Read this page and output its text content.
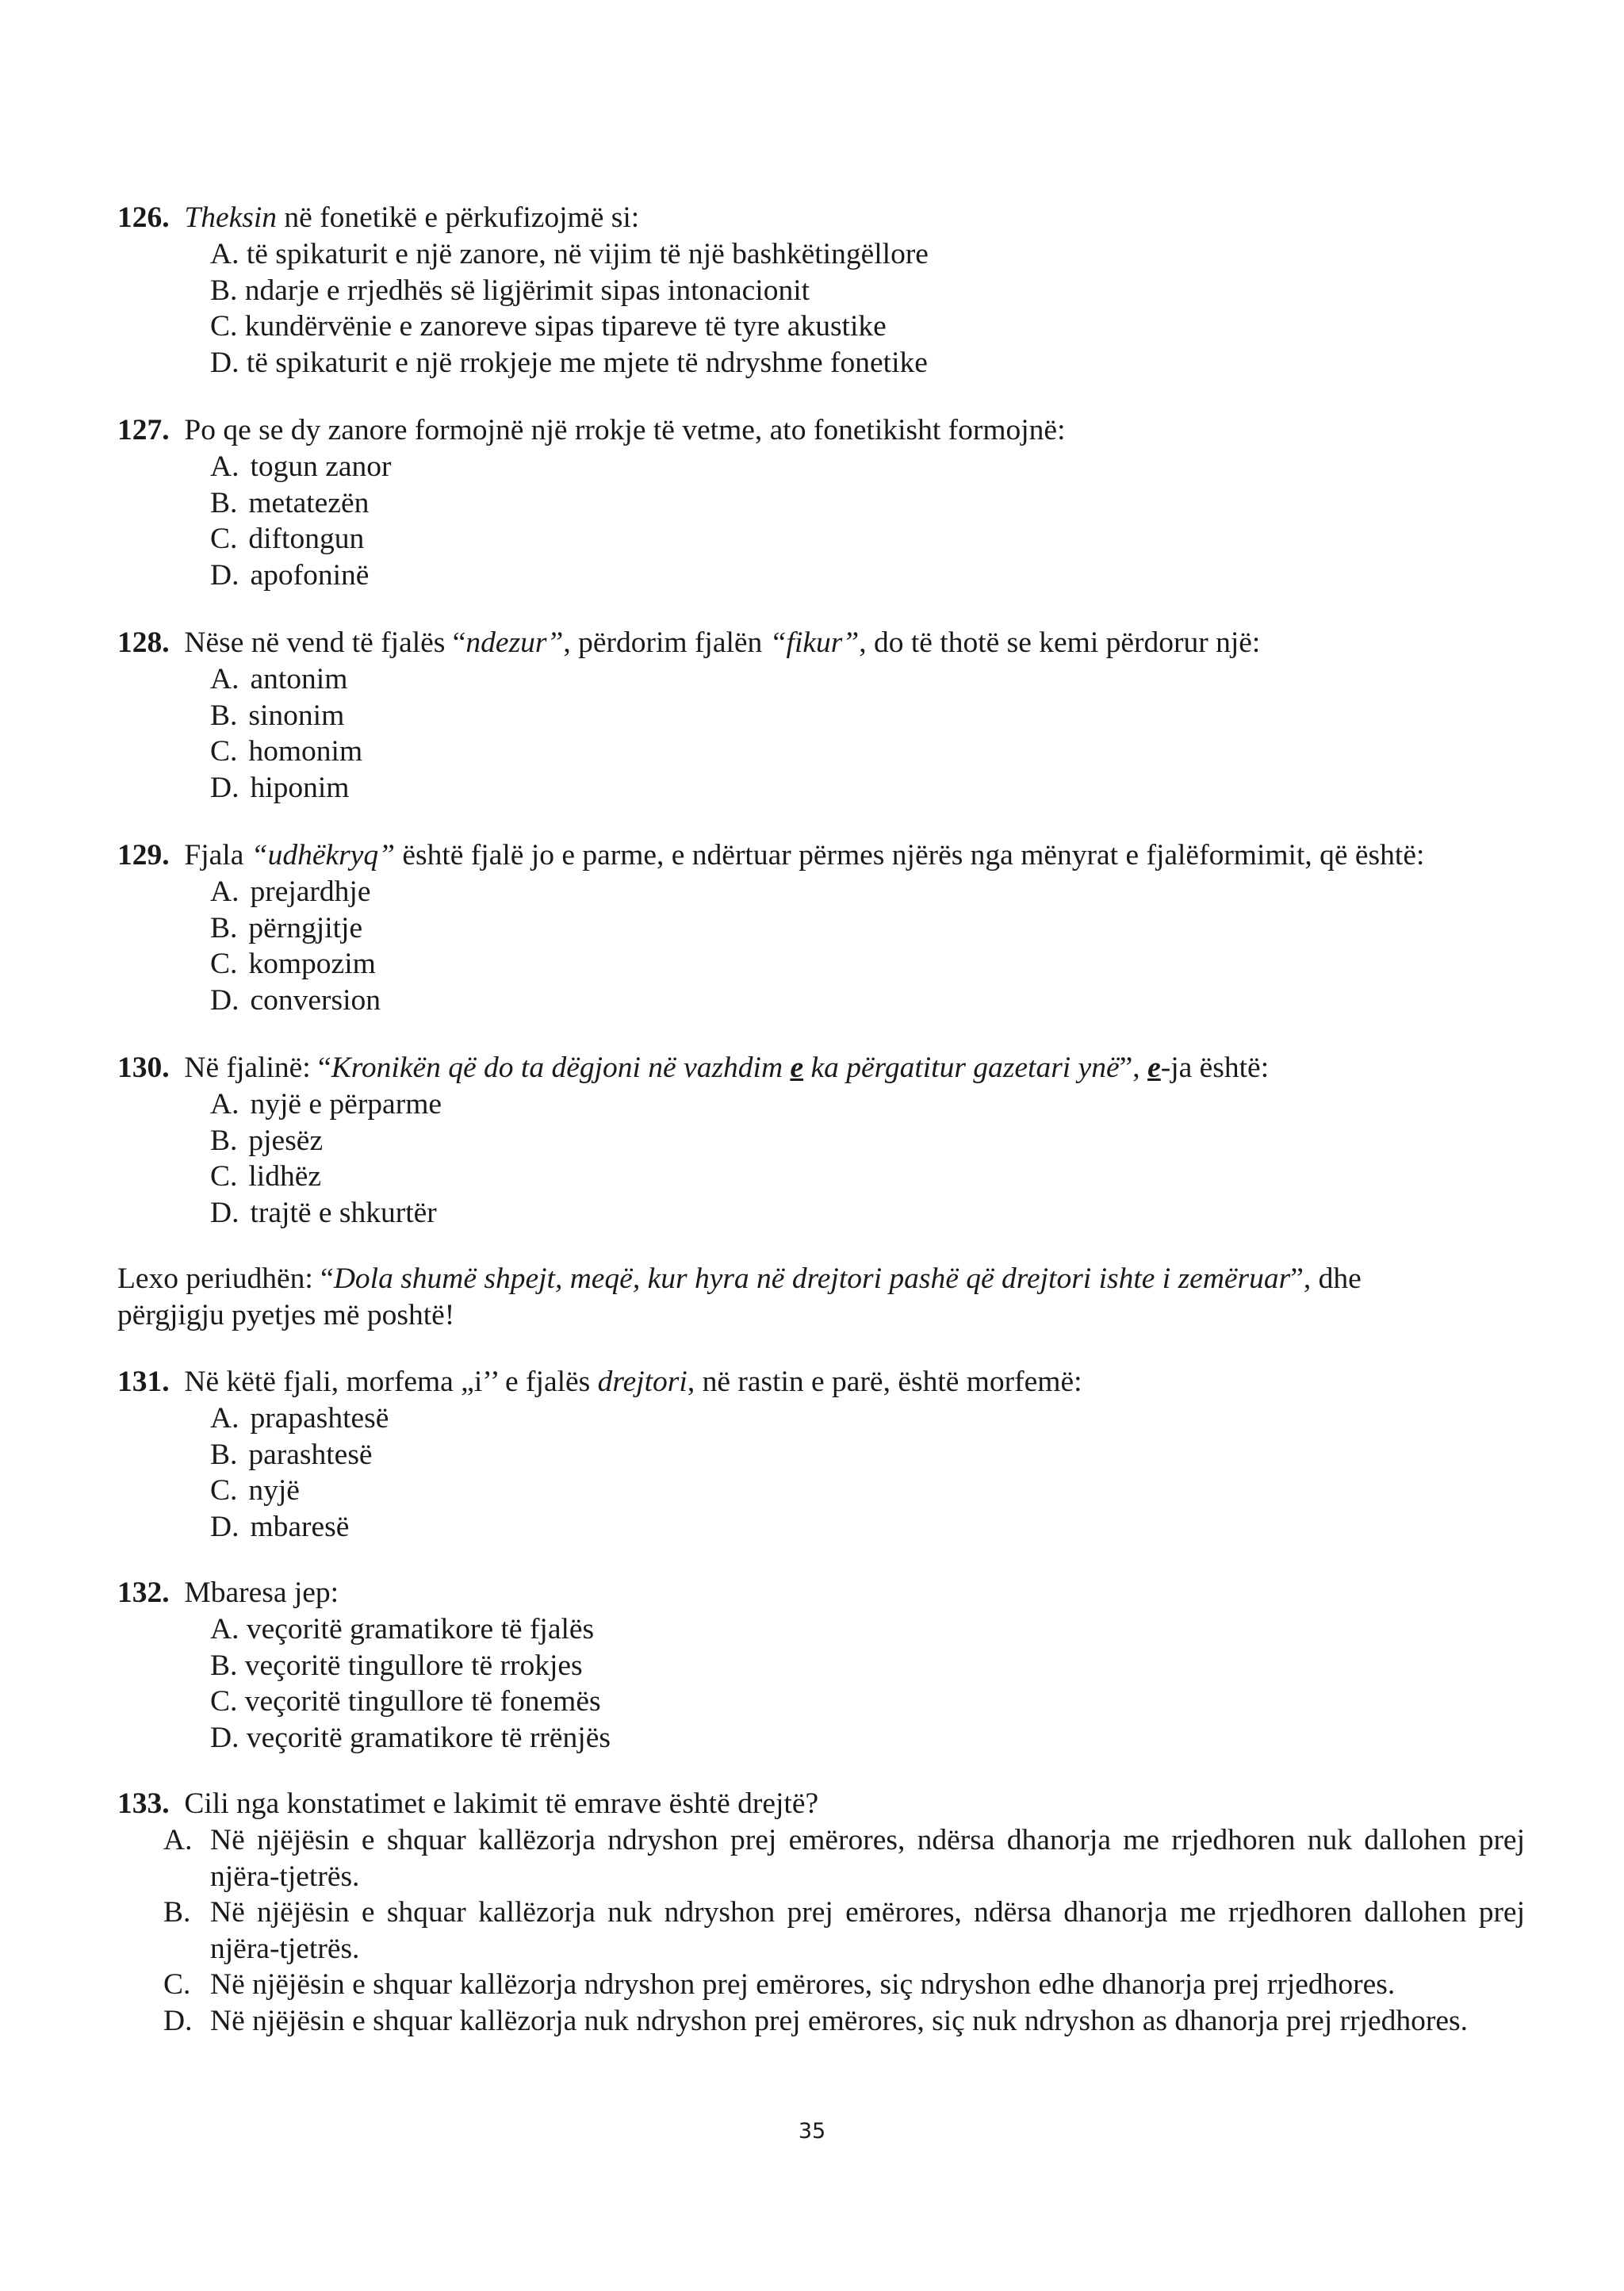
126. Theksin në fonetikë e përkufizojmë si:
A. të spikaturit e një zanore, në vijim të një bashkëtingëllore
B. ndarje e rrjedhës së ligjërimit sipas intonacionit
C. kundërvënie e zanoreve sipas tipareve të tyre akustike
D. të spikaturit e një rrokjeje me mjete të ndryshme fonetike
127. Po qe se dy zanore formojnë një rrokje të vetme, ato fonetikisht formojnë:
A. togun zanor
B. metatezën
C. diftongun
D. apofoninë
128. Nëse në vend të fjalës “ndezur”, përdorim fjalën “fikur”, do të thotë se kemi përdorur një:
A. antonim
B. sinonim
C. homonim
D. hiponim
129. Fjala “udhëkryq” është fjalë jo e parme, e ndërtuar përmes njërës nga mënyrat e fjalëformimit, që është:
A. prejardhje
B. përngjitje
C. kompozim
D. conversion
130. Në fjalinë: “Kronikën që do ta dëgjoni në vazhdim e ka përgatitur gazetari ynë”, e-ja është:
A. nyjë e përparme
B. pjesëz
C. lidhëz
D. trajtë e shkurtër
Lexo periudhën: “Dola shumë shpejt, meqë, kur hyra në drejtori pashë që drejtori ishte i zemëruar”, dhe
përgjigju pyetjes më poshtë!
131. Në këtë fjali, morfema „i’’ e fjalës drejtori, në rastin e parë, është morfemë:
A. prapashtesë
B. parashtesë
C. nyjë
D. mbaresë
132. Mbaresa jep:
A. veçoritë gramatikore të fjalës
B. veçoritë tingullore të rrokjes
C. veçoritë tingullore të fonemës
D. veçoritë gramatikore të rrënjës
133. Cili nga konstatimet e lakimit të emrave është drejtë?
A. Në njëjësin e shquar kallëzorja ndryshon prej emërores, ndërsa dhanorja me rrjedhoren nuk dallohen prej njëra-tjetrës.
B. Në njëjësin e shquar kallëzorja nuk ndryshon prej emërores, ndërsa dhanorja me rrjedhoren dallohen prej njëra-tjetrës.
C. Në njëjësin e shquar kallëzorja ndryshon prej emërores, siç ndryshon edhe dhanorja prej rrjedhores.
D. Në njëjësin e shquar kallëzorja nuk ndryshon prej emërores, siç nuk ndryshon as dhanorja prej rrjedhores.
35
